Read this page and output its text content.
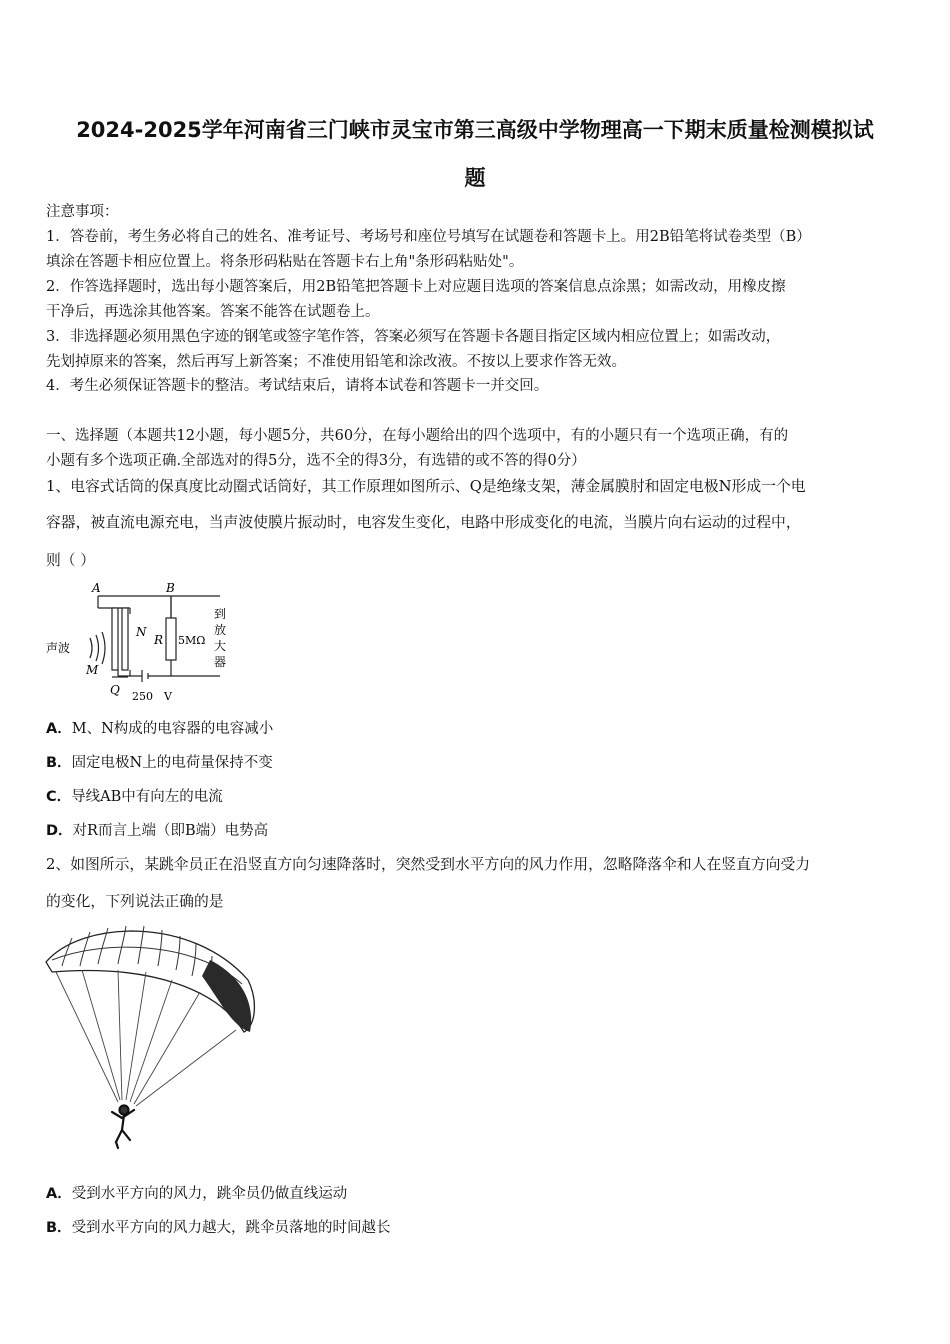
2024-2025学年河南省三门峡市灵宝市第三高级中学物理高一下期末质量检测模拟试
题
注意事项：
1．答卷前，考生务必将自己的姓名、准考证号、考场号和座位号填写在试题卷和答题卡上。用2B铅笔将试卷类型（B）
填涂在答题卡相应位置上。将条形码粘贴在答题卡右上角"条形码粘贴处"。
2．作答选择题时，选出每小题答案后，用2B铅笔把答题卡上对应题目选项的答案信息点涂黑；如需改动，用橡皮擦
干净后，再选涂其他答案。答案不能答在试题卷上。
3．非选择题必须用黑色字迹的钢笔或签字笔作答，答案必须写在答题卡各题目指定区域内相应位置上；如需改动，
先划掉原来的答案，然后再写上新答案；不准使用铅笔和涂改液。不按以上要求作答无效。
4．考生必须保证答题卡的整洁。考试结束后，请将本试卷和答题卡一并交回。
一、选择题（本题共12小题，每小题5分，共60分，在每小题给出的四个选项中，有的小题只有一个选项正确，有的
小题有多个选项正确.全部选对的得5分，选不全的得3分，有选错的或不答的得0分）
1、电容式话筒的保真度比动圈式话筒好，其工作原理如图所示、Q是绝缘支架，薄金属膜肘和固定电极N形成一个电
容器，被直流电源充电，当声波使膜片振动时，电容发生变化，电路中形成变化的电流，当膜片向右运动的过程中，
则（ ）
A	B
N
M
Q
R 5MΩ
声波
250 V
到
放
大
器
A．M、N构成的电容器的电容减小
B．固定电极N上的电荷量保持不变
C．导线AB中有向左的电流
D．对R而言上端（即B端）电势高
2、如图所示，某跳伞员正在沿竖直方向匀速降落时，突然受到水平方向的风力作用，忽略降落伞和人在竖直方向受力
的变化，下列说法正确的是
A．受到水平方向的风力，跳伞员仍做直线运动
B．受到水平方向的风力越大，跳伞员落地的时间越长
